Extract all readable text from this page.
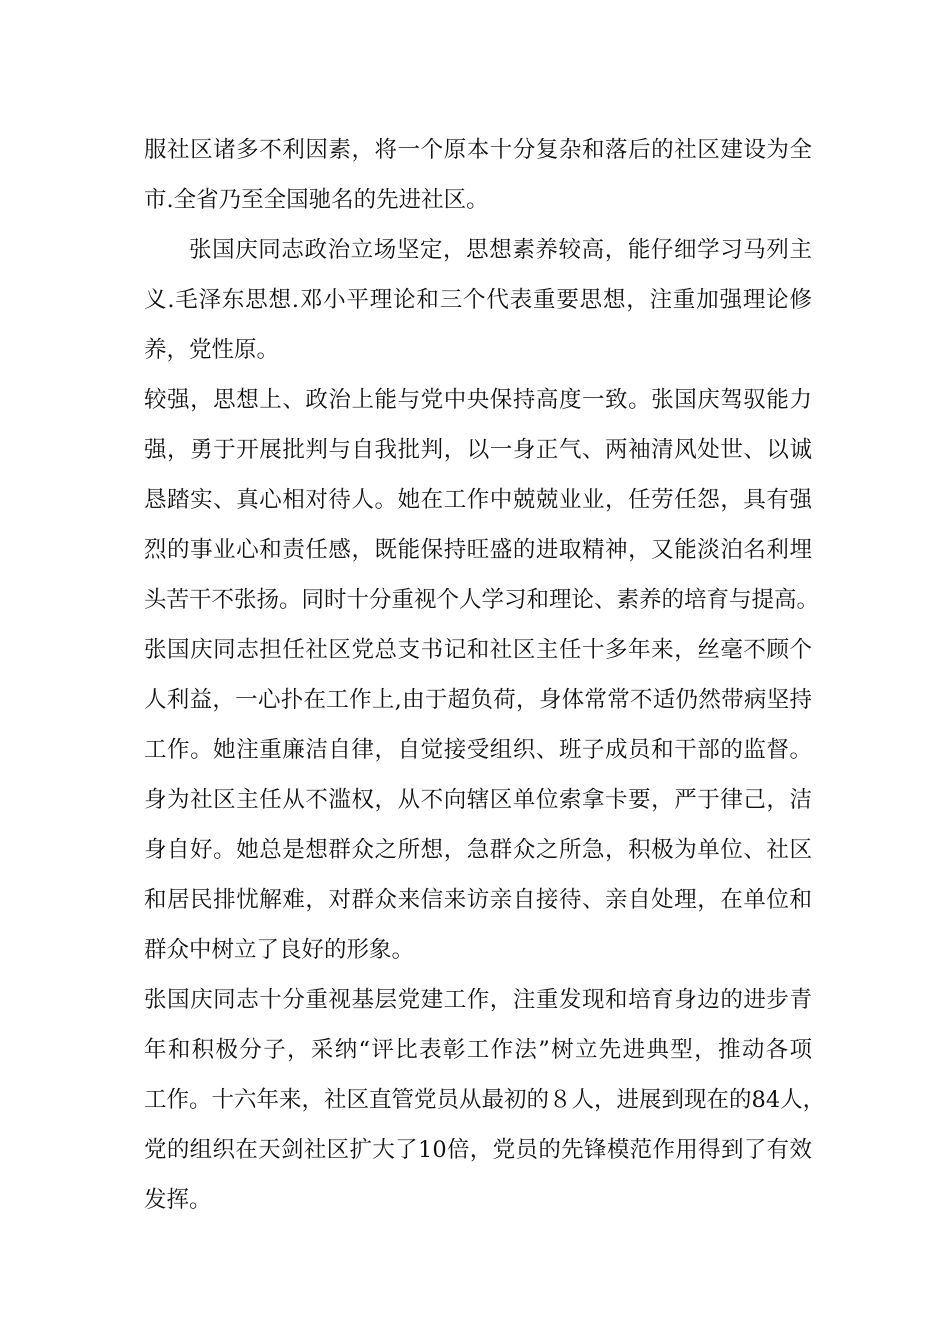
服社区诸多不利因素，将一个原本十分复杂和落后的社区建设为全
市.全省乃至全国驰名的先进社区。
张国庆同志政治立场坚定，思想素养较高，能仔细学习马列主
义.毛泽东思想.邓小平理论和三个代表重要思想，注重加强理论修
养，党性原。
较强，思想上、政治上能与党中央保持高度一致。张国庆驾驭能力
强，勇于开展批判与自我批判，以一身正气、两袖清风处世、以诚
恳踏实、真心相对待人。她在工作中兢兢业业，任劳任怨，具有强
烈的事业心和责任感，既能保持旺盛的进取精神，又能淡泊名利埋
头苦干不张扬。同时十分重视个人学习和理论、素养的培育与提高。
张国庆同志担任社区党总支书记和社区主任十多年来，丝毫不顾个
人利益，一心扑在工作上,由于超负荷，身体常常不适仍然带病坚持
工作。她注重廉洁自律，自觉接受组织、班子成员和干部的监督。
身为社区主任从不滥权，从不向辖区单位索拿卡要，严于律己，洁
身自好。她总是想群众之所想，急群众之所急，积极为单位、社区
和居民排忧解难，对群众来信来访亲自接待、亲自处理，在单位和
群众中树立了良好的形象。
张国庆同志十分重视基层党建工作，注重发现和培育身边的进步青
年和积极分子，采纳“评比表彰工作法”树立先进典型，推动各项
工作。十六年来，社区直管党员从最初的８人，进展到现在的84人，
党的组织在天剑社区扩大了10倍，党员的先锋模范作用得到了有效
发挥。
